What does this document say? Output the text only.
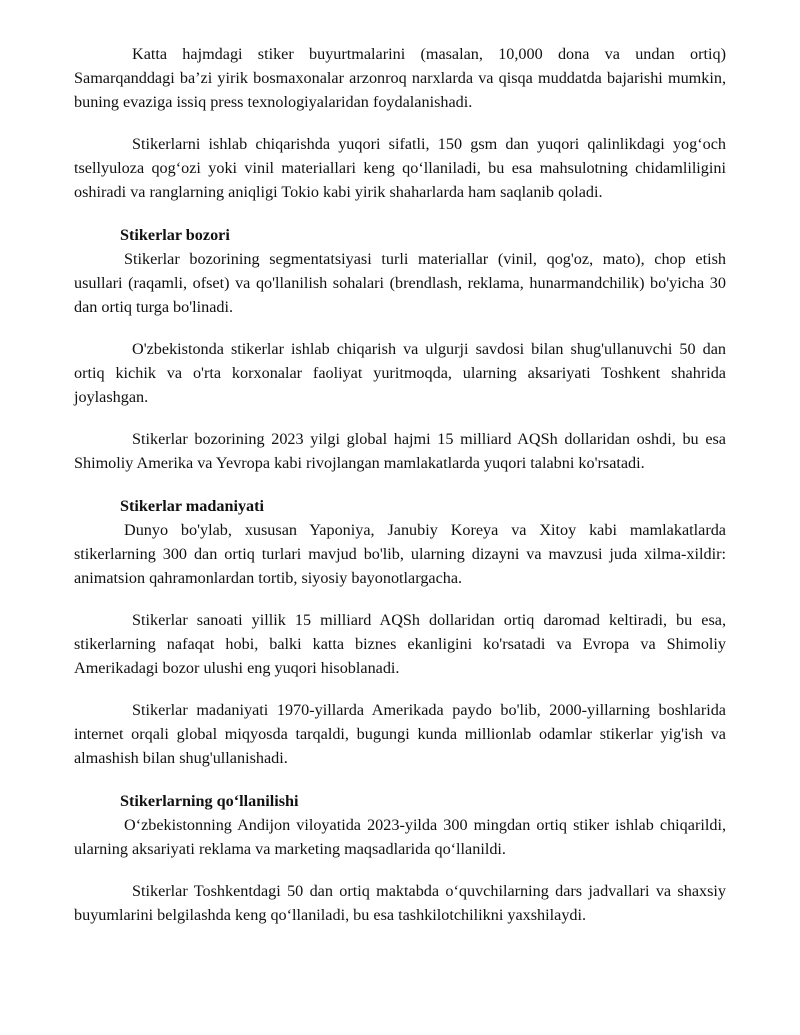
Katta hajmdagi stiker buyurtmalarini (masalan, 10,000 dona va undan ortiq) Samarqanddagi ba’zi yirik bosmaxonalar arzonroq narxlarda va qisqa muddatda bajarishi mumkin, buning evaziga issiq press texnologiyalaridan foydalanishadi.

Stikerlarni ishlab chiqarishda yuqori sifatli, 150 gsm dan yuqori qalinlikdagi yog‘och tsellyuloza qog‘ozi yoki vinil materiallari keng qo‘llaniladi, bu esa mahsulotning chidamliligini oshiradi va ranglarning aniqligi Tokio kabi yirik shaharlarda ham saqlanib qoladi.

Stikerlar bozori

Stikerlar bozorining segmentatsiyasi turli materiallar (vinil, qog'oz, mato), chop etish usullari (raqamli, ofset) va qo'llanilish sohalari (brendlash, reklama, hunarmandchilik) bo'yicha 30 dan ortiq turga bo'linadi.

O'zbekistonda stikerlar ishlab chiqarish va ulgurji savdosi bilan shug'ullanuvchi 50 dan ortiq kichik va o'rta korxonalar faoliyat yuritmoqda, ularning aksariyati Toshkent shahrida joylashgan.

Stikerlar bozorining 2023 yilgi global hajmi 15 milliard AQSh dollaridan oshdi, bu esa Shimoliy Amerika va Yevropa kabi rivojlangan mamlakatlarda yuqori talabni ko'rsatadi.

Stikerlar madaniyati

Dunyo bo'ylab, xususan Yaponiya, Janubiy Koreya va Xitoy kabi mamlakatlarda stikerlarning 300 dan ortiq turlari mavjud bo'lib, ularning dizayni va mavzusi juda xilma-xildir: animatsion qahramonlardan tortib, siyosiy bayonotlargacha.

Stikerlar sanoati yillik 15 milliard AQSh dollaridan ortiq daromad keltiradi, bu esa, stikerlarning nafaqat hobi, balki katta biznes ekanligini ko'rsatadi va Evropa va Shimoliy Amerikadagi bozor ulushi eng yuqori hisoblanadi.

Stikerlar madaniyati 1970-yillarda Amerikada paydo bo'lib, 2000-yillarning boshlarida internet orqali global miqyosda tarqaldi, bugungi kunda millionlab odamlar stikerlar yig'ish va almashish bilan shug'ullanishadi.

Stikerlarning qo‘llanilishi

O‘zbekistonning Andijon viloyatida 2023-yilda 300 mingdan ortiq stiker ishlab chiqarildi, ularning aksariyati reklama va marketing maqsadlarida qo‘llanildi.

Stikerlar Toshkentdagi 50 dan ortiq maktabda o‘quvchilarning dars jadvallari va shaxsiy buyumlarini belgilashda keng qo‘llaniladi, bu esa tashkilotchilikni yaxshilaydi.
